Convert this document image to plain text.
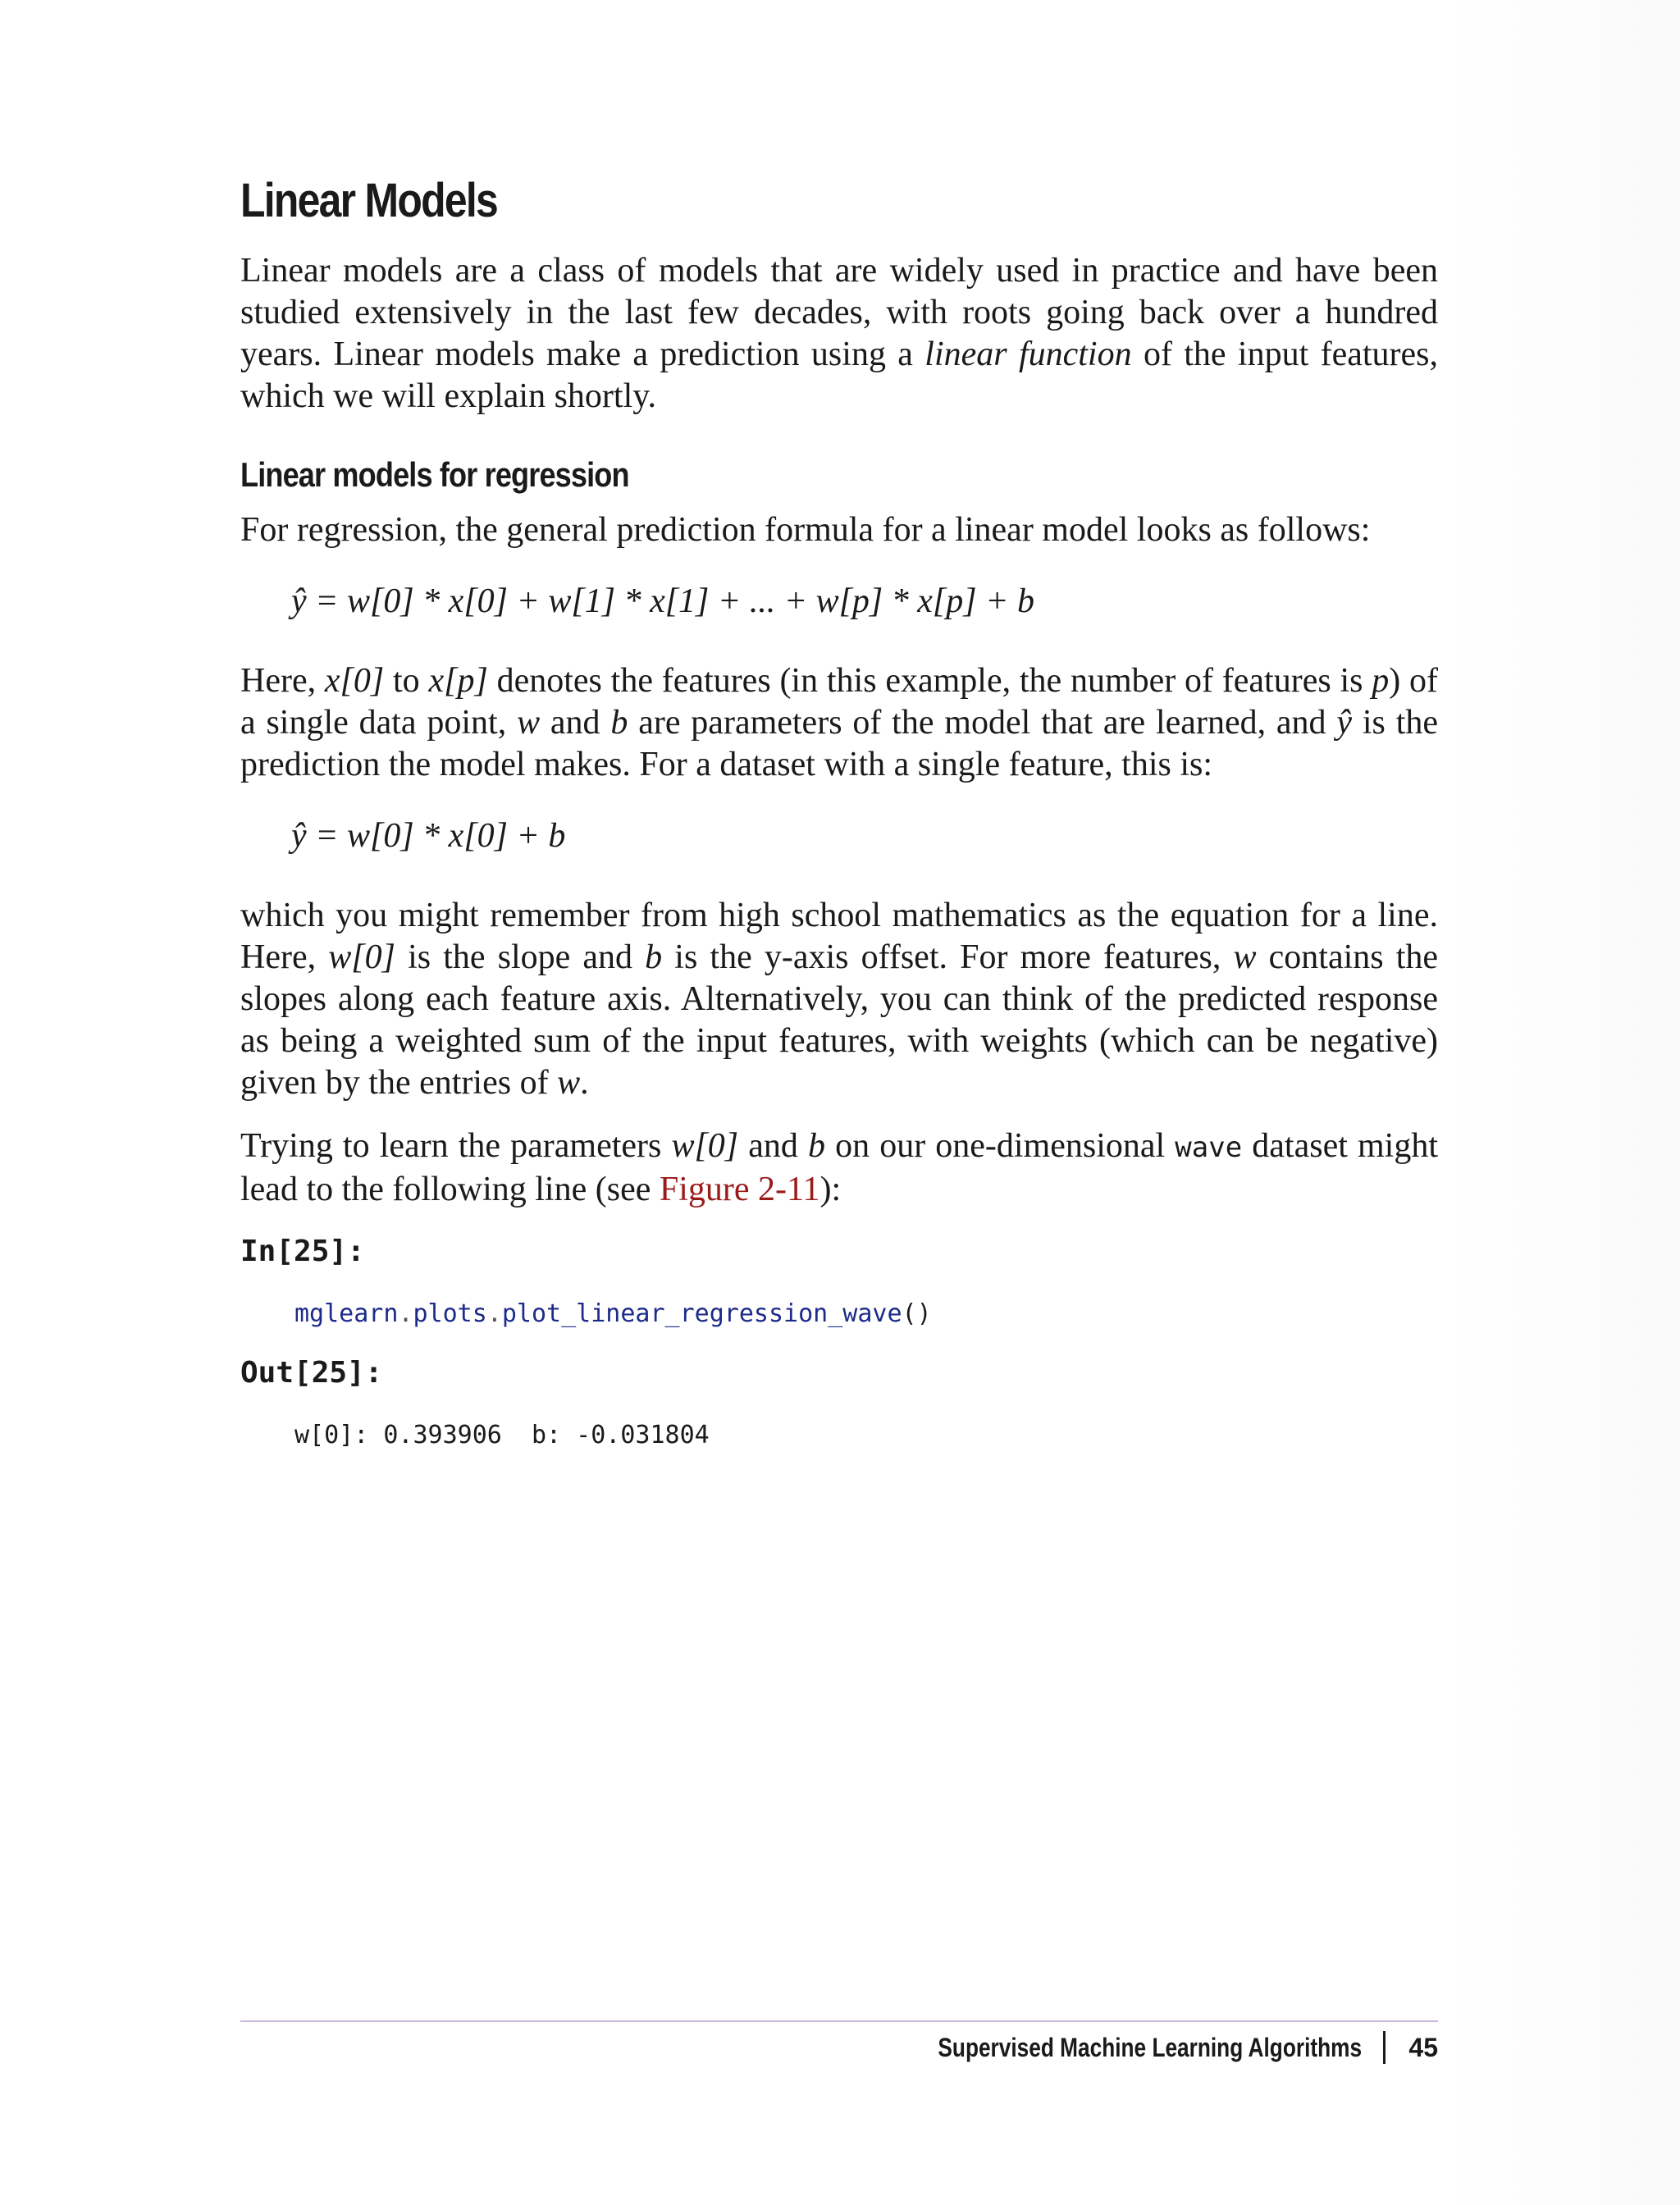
Linear Models

Linear models are a class of models that are widely used in practice and have been studied extensively in the last few decades, with roots going back over a hundred years. Linear models make a prediction using a linear function of the input features, which we will explain shortly.

Linear models for regression

For regression, the general prediction formula for a linear model looks as follows:

ŷ = w[0] * x[0] + w[1] * x[1] + ... + w[p] * x[p] + b

Here, x[0] to x[p] denotes the features (in this example, the number of features is p) of a single data point, w and b are parameters of the model that are learned, and ŷ is the prediction the model makes. For a dataset with a single feature, this is:

ŷ = w[0] * x[0] + b

which you might remember from high school mathematics as the equation for a line. Here, w[0] is the slope and b is the y-axis offset. For more features, w contains the slopes along each feature axis. Alternatively, you can think of the predicted response as being a weighted sum of the input features, with weights (which can be negative) given by the entries of w.

Trying to learn the parameters w[0] and b on our one-dimensional wave dataset might lead to the following line (see Figure 2-11):

In[25]:
mglearn.plots.plot_linear_regression_wave()
Out[25]:
w[0]: 0.393906  b: -0.031804
Supervised Machine Learning Algorithms 45
